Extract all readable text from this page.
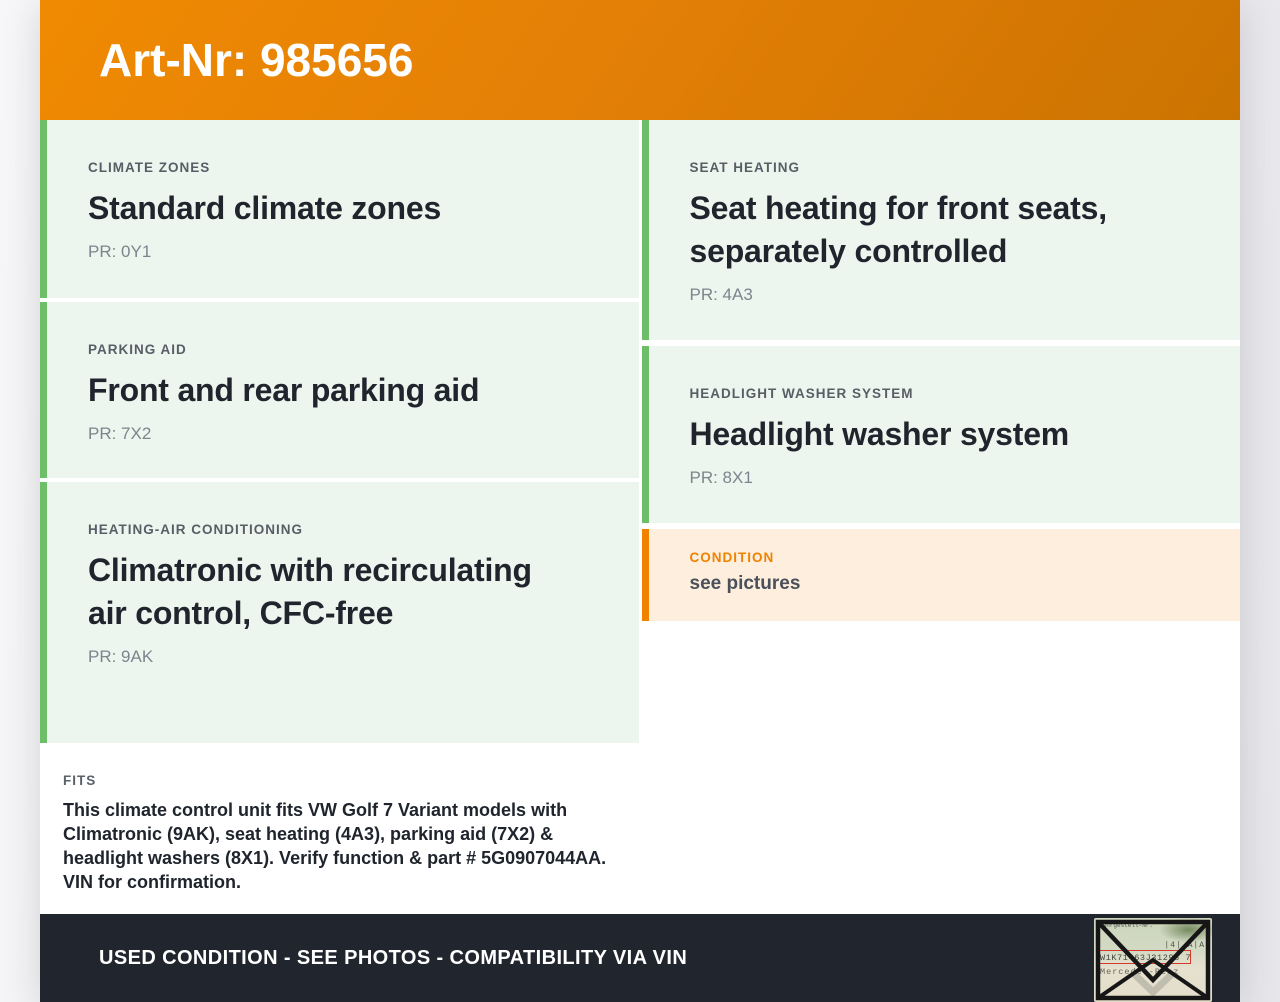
Art-Nr: 985656
CLIMATE ZONES
Standard climate zones
PR: 0Y1
PARKING AID
Front and rear parking aid
PR: 7X2
HEATING-AIR CONDITIONING
Climatronic with recirculating air control, CFC-free
PR: 9AK
FITS

This climate control unit fits VW Golf 7 Variant models with Climatronic (9AK), seat heating (4A3), parking aid (7X2) & headlight washers (8X1). Verify function & part # 5G0907044AA. VIN for confirmation.

SEAT HEATING
Seat heating for front seats, separately controlled
PR: 4A3
HEADLIGHT WASHER SYSTEM
Headlight washer system
PR: 8X1
CONDITION
see pictures
USED CONDITION - SEE PHOTOS - COMPATIBILITY VIA VIN
Fahrgestell-Nr.
|4| A|A
W1K71463J31298 7
Mercedes-Benz
